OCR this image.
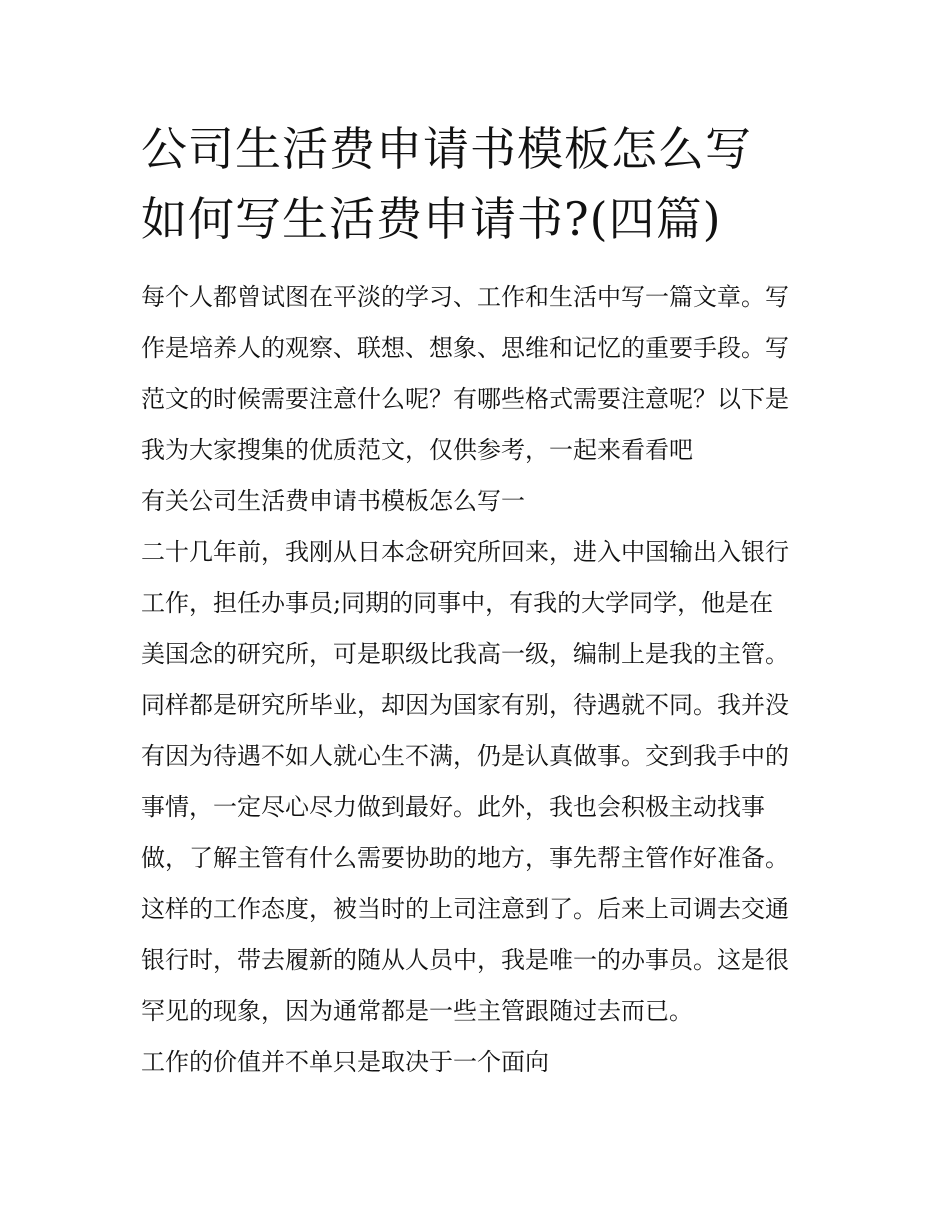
公司生活费申请书模板怎么写
如何写生活费申请书?(四篇)

每个人都曾试图在平淡的学习、工作和生活中写一篇文章。写
作是培养人的观察、联想、想象、思维和记忆的重要手段。写
范文的时候需要注意什么呢？有哪些格式需要注意呢？以下是
我为大家搜集的优质范文，仅供参考，一起来看看吧

有关公司生活费申请书模板怎么写一

二十几年前，我刚从日本念研究所回来，进入中国输出入银行
工作，担任办事员;同期的同事中，有我的大学同学，他是在
美国念的研究所，可是职级比我高一级，编制上是我的主管。
同样都是研究所毕业，却因为国家有别，待遇就不同。我并没
有因为待遇不如人就心生不满，仍是认真做事。交到我手中的
事情，一定尽心尽力做到最好。此外，我也会积极主动找事
做，了解主管有什么需要协助的地方，事先帮主管作好准备。
这样的工作态度，被当时的上司注意到了。后来上司调去交通
银行时，带去履新的随从人员中，我是唯一的办事员。这是很
罕见的现象，因为通常都是一些主管跟随过去而已。

工作的价值并不单只是取决于一个面向
